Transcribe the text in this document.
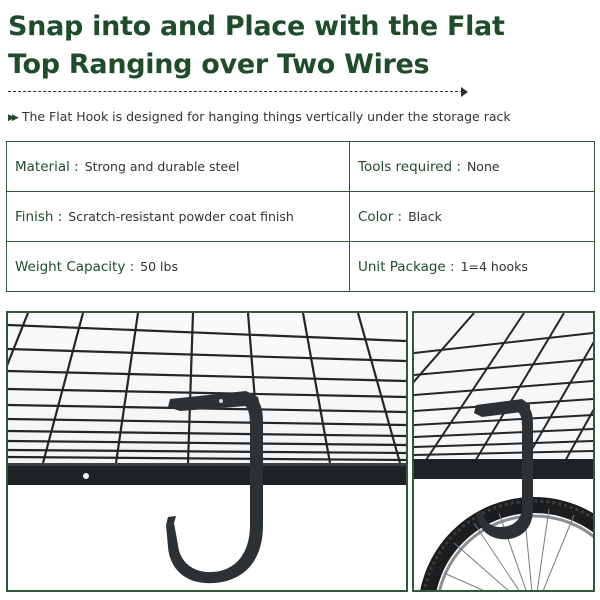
Snap into and Place with the Flat
Top Ranging over Two Wires
▶▶ The Flat Hook is designed for hanging things vertically under the storage rack
Material : Strong and durable steel	Tools required : None
Finish : Scratch-resistant powder coat finish	Color : Black
Weight Capacity : 50 lbs	Unit Package : 1=4 hooks
